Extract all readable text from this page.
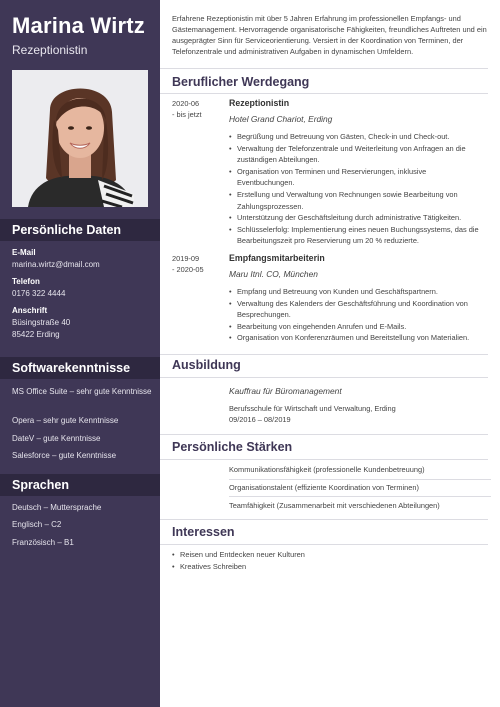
Marina Wirtz
Rezeptionistin
Persönliche Daten
E-Mail
marina.wirtz@dmail.com
Telefon
0176 322 4444
Anschrift
Büsingstraße 40
85422 Erding
Softwarekenntnisse
MS Office Suite – sehr gute Kenntnisse
Opera – sehr gute Kenntnisse
DateV – gute Kenntnisse
Salesforce – gute Kenntnisse
Sprachen
Deutsch – Muttersprache
Englisch – C2
Französisch – B1
Erfahrene Rezeptionistin mit über 5 Jahren Erfahrung im professionellen Empfangs- und Gästemanagement. Hervorragende organisatorische Fähigkeiten, freundliches Auftreten und ein ausgeprägter Sinn für Serviceorientierung. Versiert in der Koordination von Terminen, der Telefonzentrale und administrativen Aufgaben in dynamischen Umfeldern.
Beruflicher Werdegang
2020-06
- bis jetzt
Rezeptionistin
Hotel Grand Chariot, Erding
• Begrüßung und Betreuung von Gästen, Check-in und Check-out.
• Verwaltung der Telefonzentrale und Weiterleitung von Anfragen an die zuständigen Abteilungen.
• Organisation von Terminen und Reservierungen, inklusive Eventbuchungen.
• Erstellung und Verwaltung von Rechnungen sowie Bearbeitung von Zahlungsprozessen.
• Unterstützung der Geschäftsleitung durch administrative Tätigkeiten.
• Schlüsselerfolg: Implementierung eines neuen Buchungssystems, das die Bearbeitungszeit pro Reservierung um 20 % reduzierte.
2019-09
- 2020-05
Empfangsmitarbeiterin
Maru Itnl. CO, München
• Empfang und Betreuung von Kunden und Geschäftspartnern.
• Verwaltung des Kalenders der Geschäftsführung und Koordination von Besprechungen.
• Bearbeitung von eingehenden Anrufen und E-Mails.
• Organisation von Konferenzräumen und Bereitstellung von Materialien.
Ausbildung
Kauffrau für Büromanagement
Berufsschule für Wirtschaft und Verwaltung, Erding
09/2016 – 08/2019
Persönliche Stärken
Kommunikationsfähigkeit (professionelle Kundenbetreuung)
Organisationstalent (effiziente Koordination von Terminen)
Teamfähigkeit (Zusammenarbeit mit verschiedenen Abteilungen)
Interessen
• Reisen und Entdecken neuer Kulturen
• Kreatives Schreiben
